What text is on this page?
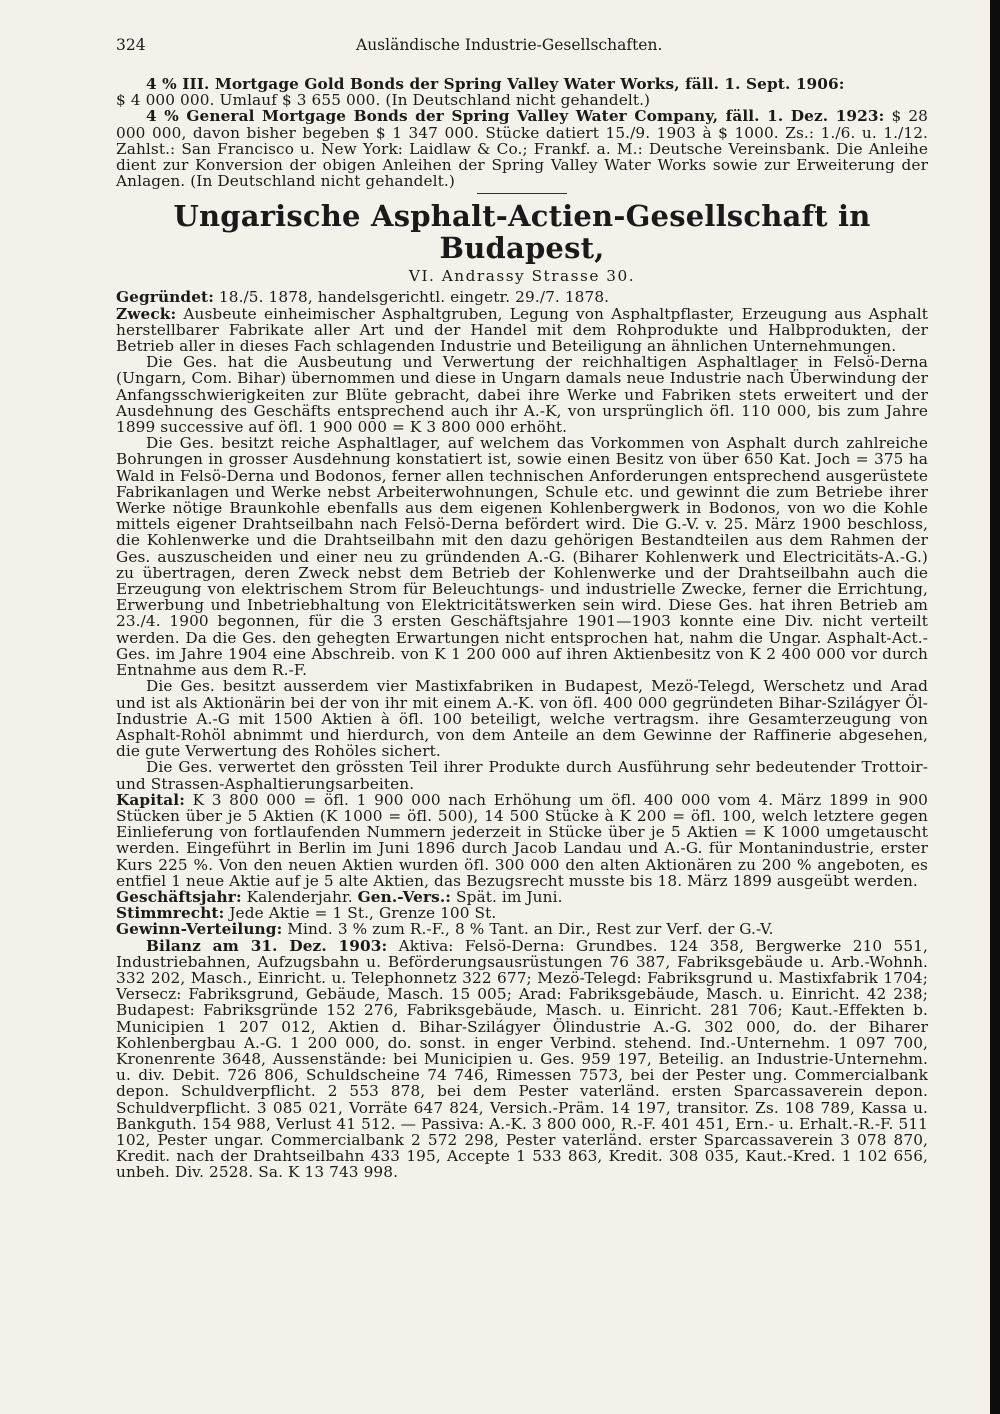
324	Ausländische Industrie-Gesellschaften.

4 % III. Mortgage Gold Bonds der Spring Valley Water Works, fäll. 1. Sept. 1906:
$ 4 000 000. Umlauf $ 3 655 000. (In Deutschland nicht gehandelt.)

4 % General Mortgage Bonds der Spring Valley Water Company, fäll. 1. Dez. 1923: $ 28 000 000, davon bisher begeben $ 1 347 000. Stücke datiert 15./9. 1903 à $ 1000. Zs.: 1./6. u. 1./12. Zahlst.: San Francisco u. New York: Laidlaw & Co.; Frankf. a. M.: Deutsche Vereinsbank. Die Anleihe dient zur Konversion der obigen Anleihen der Spring Valley Water Works sowie zur Erweiterung der Anlagen. (In Deutschland nicht gehandelt.)

Ungarische Asphalt-Actien-Gesellschaft in Budapest,

VI. Andrassy Strasse 30.

Gegründet: 18./5. 1878, handelsgerichtl. eingetr. 29./7. 1878.

Zweck: Ausbeute einheimischer Asphaltgruben, Legung von Asphaltpflaster, Erzeugung aus Asphalt herstellbarer Fabrikate aller Art und der Handel mit dem Rohprodukte und Halbprodukten, der Betrieb aller in dieses Fach schlagenden Industrie und Beteiligung an ähnlichen Unternehmungen.

Die Ges. hat die Ausbeutung und Verwertung der reichhaltigen Asphaltlager in Felsö-Derna (Ungarn, Com. Bihar) übernommen und diese in Ungarn damals neue Industrie nach Überwindung der Anfangsschwierigkeiten zur Blüte gebracht, dabei ihre Werke und Fabriken stets erweitert und der Ausdehnung des Geschäfts entsprechend auch ihr A.-K, von ursprünglich öfl. 110 000, bis zum Jahre 1899 successive auf öfl. 1 900 000 = K 3 800 000 erhöht.

Die Ges. besitzt reiche Asphaltlager, auf welchem das Vorkommen von Asphalt durch zahlreiche Bohrungen in grosser Ausdehnung konstatiert ist, sowie einen Besitz von über 650 Kat. Joch = 375 ha Wald in Felsö-Derna und Bodonos, ferner allen technischen Anforderungen entsprechend ausgerüstete Fabrikanlagen und Werke nebst Arbeiterwohnungen, Schule etc. und gewinnt die zum Betriebe ihrer Werke nötige Braunkohle ebenfalls aus dem eigenen Kohlenbergwerk in Bodonos, von wo die Kohle mittels eigener Drahtseilbahn nach Felsö-Derna befördert wird. Die G.-V. v. 25. März 1900 beschloss, die Kohlenwerke und die Drahtseilbahn mit den dazu gehörigen Bestandteilen aus dem Rahmen der Ges. auszuscheiden und einer neu zu gründenden A.-G. (Biharer Kohlenwerk und Electricitäts-A.-G.) zu übertragen, deren Zweck nebst dem Betrieb der Kohlenwerke und der Drahtseilbahn auch die Erzeugung von elektrischem Strom für Beleuchtungs- und industrielle Zwecke, ferner die Errichtung, Erwerbung und Inbetriebhaltung von Elektricitätswerken sein wird. Diese Ges. hat ihren Betrieb am 23./4. 1900 begonnen, für die 3 ersten Geschäftsjahre 1901—1903 konnte eine Div. nicht verteilt werden. Da die Ges. den gehegten Erwartungen nicht entsprochen hat, nahm die Ungar. Asphalt-Act.-Ges. im Jahre 1904 eine Abschreib. von K 1 200 000 auf ihren Aktienbesitz von K 2 400 000 vor durch Entnahme aus dem R.-F.

Die Ges. besitzt ausserdem vier Mastixfabriken in Budapest, Mezö-Telegd, Werschetz und Arad und ist als Aktionärin bei der von ihr mit einem A.-K. von öfl. 400 000 gegründeten Bihar-Szilágyer Öl-Industrie A.-G mit 1500 Aktien à öfl. 100 beteiligt, welche vertragsm. ihre Gesamterzeugung von Asphalt-Rohöl abnimmt und hierdurch, von dem Anteile an dem Gewinne der Raffinerie abgesehen, die gute Verwertung des Rohöles sichert.

Die Ges. verwertet den grössten Teil ihrer Produkte durch Ausführung sehr bedeutender Trottoir- und Strassen-Asphaltierungsarbeiten.

Kapital: K 3 800 000 = öfl. 1 900 000 nach Erhöhung um öfl. 400 000 vom 4. März 1899 in 900 Stücken über je 5 Aktien (K 1000 = öfl. 500), 14 500 Stücke à K 200 = öfl. 100, welch letztere gegen Einlieferung von fortlaufenden Nummern jederzeit in Stücke über je 5 Aktien = K 1000 umgetauscht werden. Eingeführt in Berlin im Juni 1896 durch Jacob Landau und A.-G. für Montanindustrie, erster Kurs 225 %. Von den neuen Aktien wurden öfl. 300 000 den alten Aktionären zu 200 % angeboten, es entfiel 1 neue Aktie auf je 5 alte Aktien, das Bezugsrecht musste bis 18. März 1899 ausgeübt werden.

Geschäftsjahr: Kalenderjahr. Gen.-Vers.: Spät. im Juni.

Stimmrecht: Jede Aktie = 1 St., Grenze 100 St.

Gewinn-Verteilung: Mind. 3 % zum R.-F., 8 % Tant. an Dir., Rest zur Verf. der G.-V.

Bilanz am 31. Dez. 1903: Aktiva: Felsö-Derna: Grundbes. 124 358, Bergwerke 210 551, Industriebahnen, Aufzugsbahn u. Beförderungsausrüstungen 76 387, Fabriksgebäude u. Arb.-Wohnh. 332 202, Masch., Einricht. u. Telephonnetz 322 677; Mezö-Telegd: Fabriksgrund u. Mastixfabrik 1704; Versecz: Fabriksgrund, Gebäude, Masch. 15 005; Arad: Fabriksgebäude, Masch. u. Einricht. 42 238; Budapest: Fabriksgründe 152 276, Fabriksgebäude, Masch. u. Einricht. 281 706; Kaut.-Effekten b. Municipien 1 207 012, Aktien d. Bihar-Szilágyer Ölindustrie A.-G. 302 000, do. der Biharer Kohlenbergbau A.-G. 1 200 000, do. sonst. in enger Verbind. stehend. Ind.-Unternehm. 1 097 700, Kronenrente 3648, Aussenstände: bei Municipien u. Ges. 959 197, Beteilig. an Industrie-Unternehm. u. div. Debit. 726 806, Schuldscheine 74 746, Rimessen 7573, bei der Pester ung. Commercialbank depon. Schuldverpflicht. 2 553 878, bei dem Pester vaterländ. ersten Sparcassaverein depon. Schuldverpflicht. 3 085 021, Vorräte 647 824, Versich.-Präm. 14 197, transitor. Zs. 108 789, Kassa u. Bankguth. 154 988, Verlust 41 512. — Passiva: A.-K. 3 800 000, R.-F. 401 451, Ern.- u. Erhalt.-R.-F. 511 102, Pester ungar. Commercialbank 2 572 298, Pester vaterländ. erster Sparcassaverein 3 078 870, Kredit. nach der Drahtseilbahn 433 195, Accepte 1 533 863, Kredit. 308 035, Kaut.-Kred. 1 102 656, unbeh. Div. 2528. Sa. K 13 743 998.
